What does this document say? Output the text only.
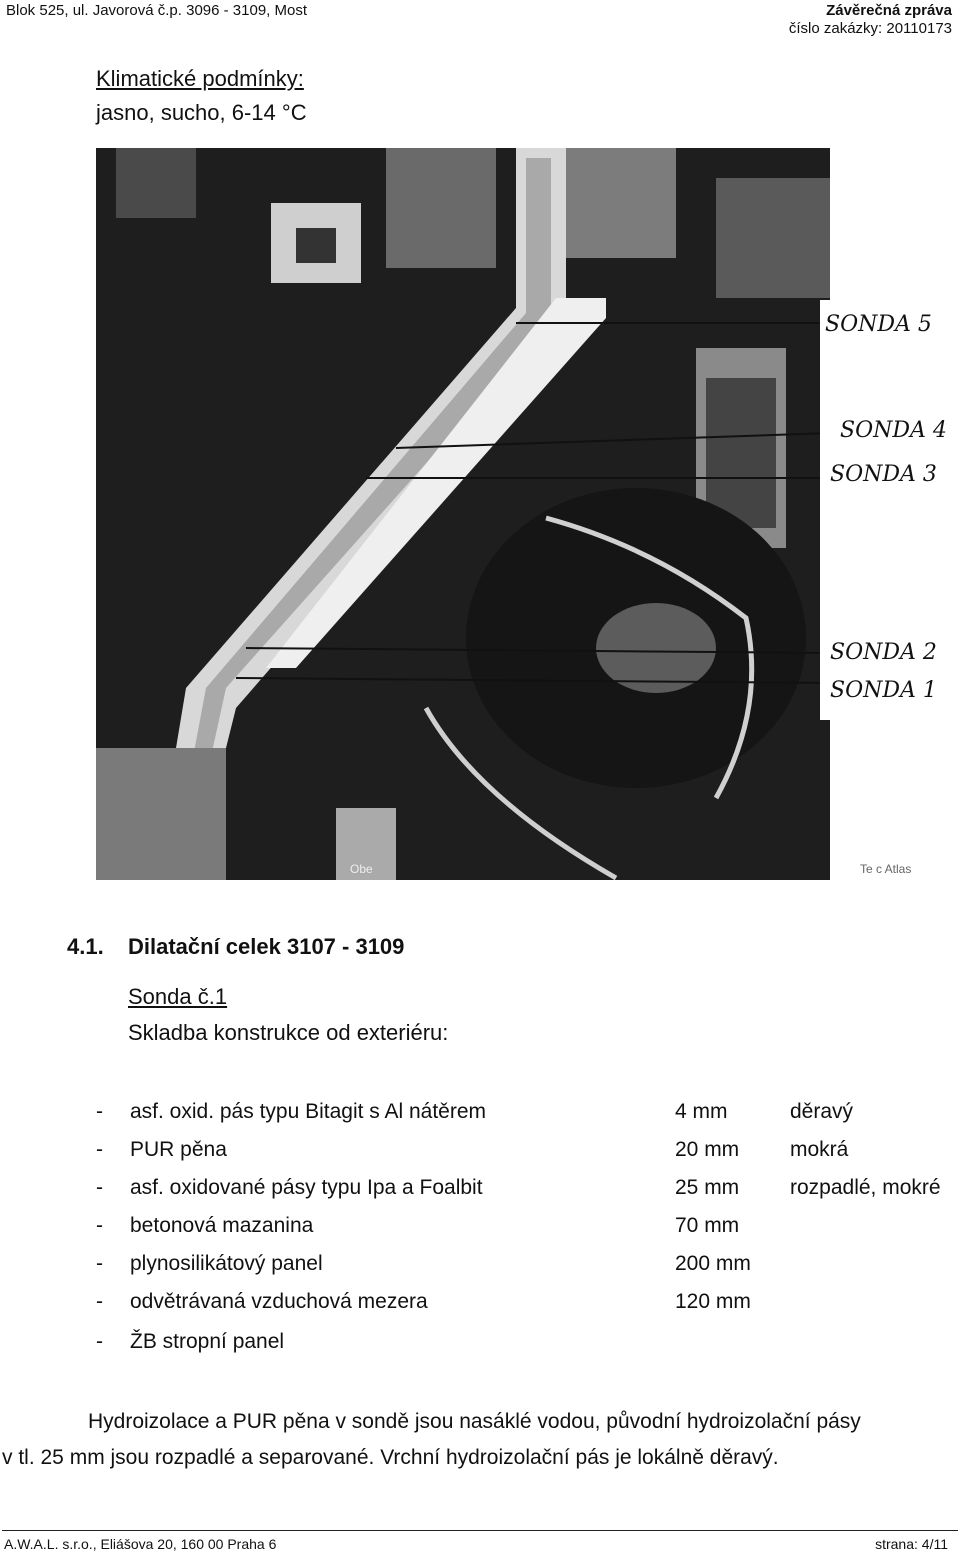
Blok 525, ul. Javorová č.p. 3096 - 3109, Most	Závěrečná zpráva
číslo zakázky: 20110173
Klimatické podmínky:
jasno, sucho, 6-14 °C
SONDA 5
SONDA 4
SONDA 3
SONDA 2
SONDA 1
Obe	Te c Atlas
4.1. Dilatační celek 3107 - 3109
Sonda č.1
Skladba konstrukce od exteriéru:
- asf. oxid. pás typu Bitagit s Al nátěrem	4 mm	děravý
- PUR pěna	20 mm mokrá
- asf. oxidované pásy typu Ipa a Foalbit	25 mm rozpadlé, mokré
- betonová mazanina	70 mm
- plynosilikátový panel	200 mm
- odvětrávaná vzduchová mezera	120 mm
- ŽB stropní panel
Hydroizolace a PUR pěna v sondě jsou nasáklé vodou, původní hydroizolační pásy
v tl. 25 mm jsou rozpadlé a separované. Vrchní hydroizolační pás je lokálně děravý.
A.W.A.L. s.r.o., Eliášova 20, 160 00 Praha 6	strana: 4/11
